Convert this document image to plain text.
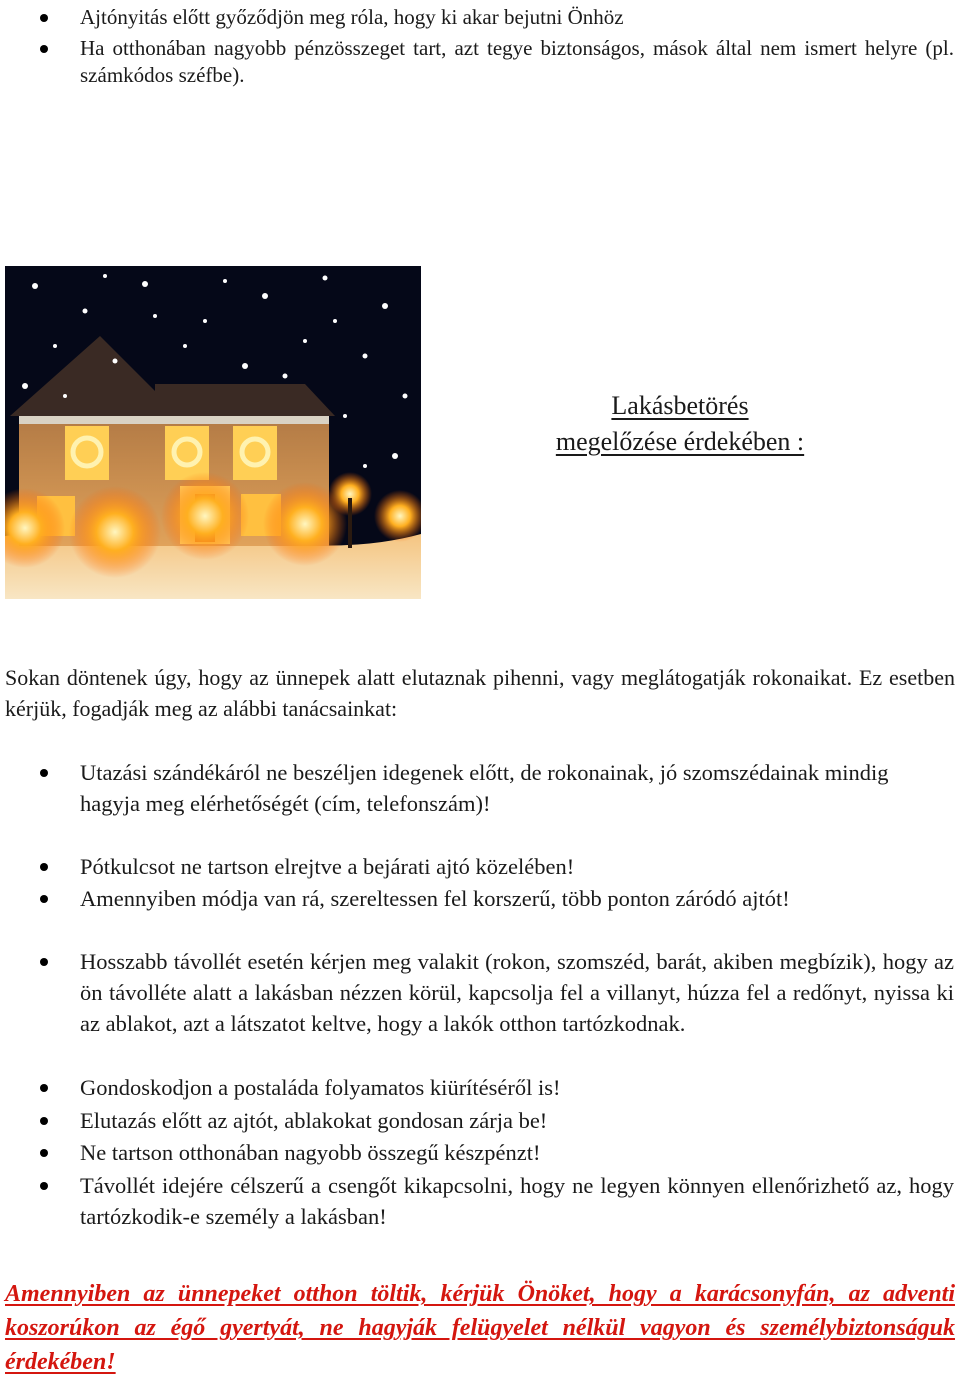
Ajtónyitás előtt győződjön meg róla, hogy ki akar bejutni Önhöz
Ha otthonában nagyobb pénzösszeget tart, azt tegye biztonságos, mások által nem ismert helyre (pl. számkódos széfbe).
Lakásbetörés
megelőzése érdekében :
Sokan döntenek úgy, hogy az ünnepek alatt elutaznak pihenni, vagy meglátogatják rokonaikat. Ez esetben kérjük, fogadják meg az alábbi tanácsainkat:
Utazási szándékáról ne beszéljen idegenek előtt, de rokonainak, jó szomszédainak mindig hagyja meg elérhetőségét (cím, telefonszám)!
Pótkulcsot ne tartson elrejtve a bejárati ajtó közelében!
Amennyiben módja van rá, szereltessen fel korszerű, több ponton záródó ajtót!
Hosszabb távollét esetén kérjen meg valakit (rokon, szomszéd, barát, akiben megbízik), hogy az ön távolléte alatt a lakásban nézzen körül, kapcsolja fel a villanyt, húzza fel a redőnyt, nyissa ki az ablakot, azt a látszatot keltve, hogy a lakók otthon tartózkodnak.
Gondoskodjon a postaláda folyamatos kiürítéséről is!
Elutazás előtt az ajtót, ablakokat gondosan zárja be!
Ne tartson otthonában nagyobb összegű készpénzt!
Távollét idejére célszerű a csengőt kikapcsolni, hogy ne legyen könnyen ellenőrizhető az, hogy tartózkodik-e személy a lakásban!
Amennyiben az ünnepeket otthon töltik, kérjük Önöket, hogy a karácsonyfán, az adventi koszorúkon az égő gyertyát, ne hagyják felügyelet nélkül vagyon és személybiztonságuk érdekében!
